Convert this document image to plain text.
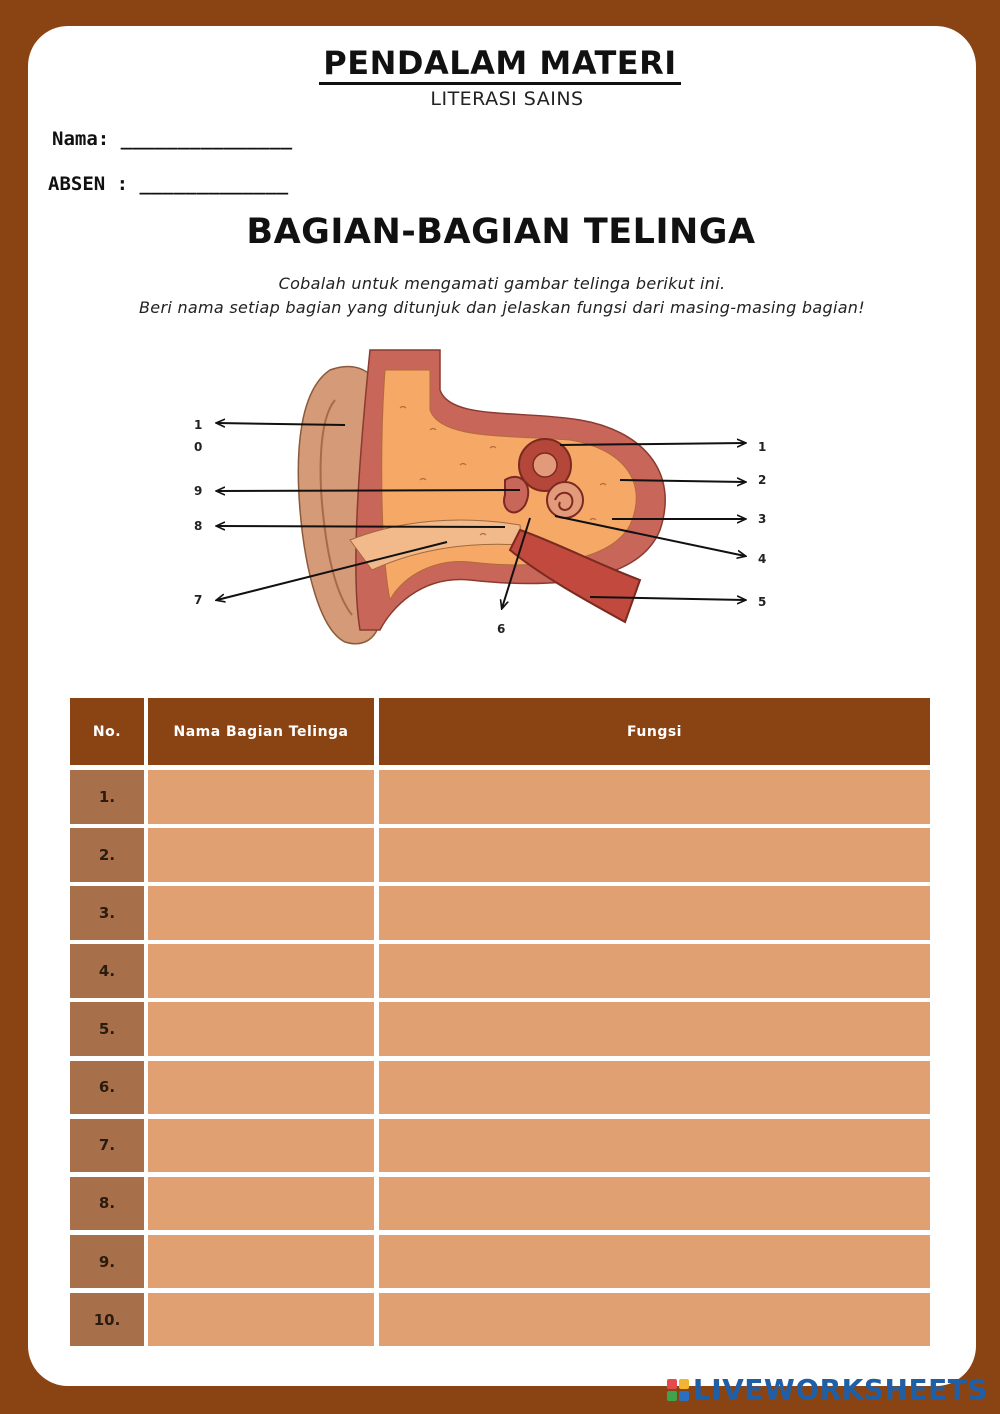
PENDALAM MATERI
LITERASI SAINS
Nama: _______________
ABSEN : _____________
BAGIAN-BAGIAN TELINGA
Cobalah untuk mengamati gambar telinga berikut ini.
Beri nama setiap bagian yang ditunjuk dan jelaskan fungsi dari masing-masing bagian!
1
0
9
8
7
6
1
2
3
4
5
No.	Nama Bagian Telinga	Fungsi
1.
2.
3.
4.
5.
6.
7.
8.
9.
10.
LIVEWORKSHEETS
